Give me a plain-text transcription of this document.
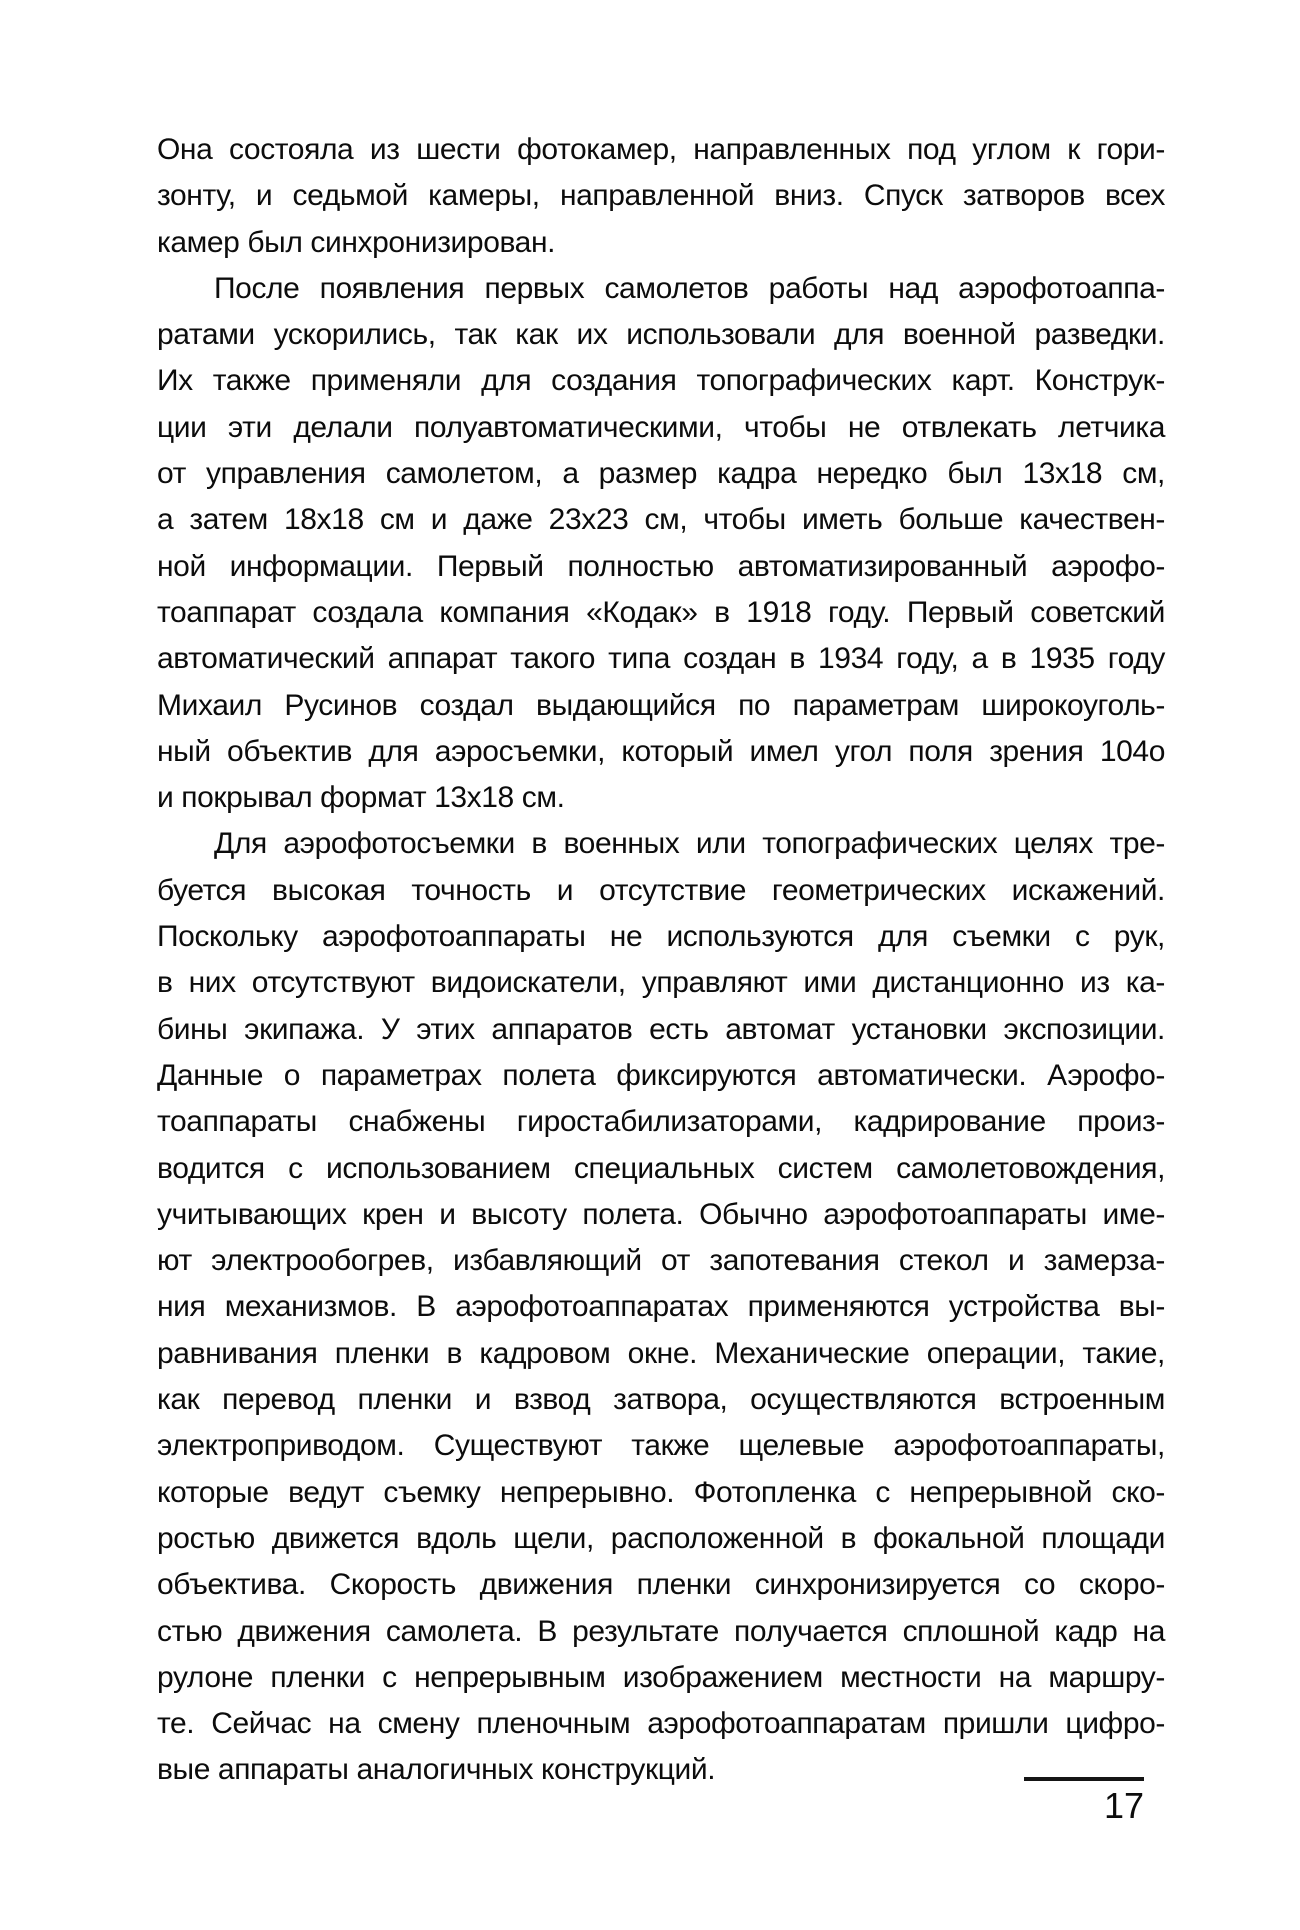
Она состояла из шести фотокамер, направленных под углом к гори-
зонту, и седьмой камеры, направленной вниз. Спуск затворов всех
камер был синхронизирован.
После появления первых самолетов работы над аэрофотоаппа-
ратами ускорились, так как их использовали для военной разведки.
Их также применяли для создания топографических карт. Конструк-
ции эти делали полуавтоматическими, чтобы не отвлекать летчика
от управления самолетом, а размер кадра нередко был 13х18 см,
а затем 18х18 см и даже 23х23 см, чтобы иметь больше качествен-
ной информации. Первый полностью автоматизированный аэрофо-
тоаппарат создала компания «Кодак» в 1918 году. Первый советский
автоматический аппарат такого типа создан в 1934 году, а в 1935 году
Михаил Русинов создал выдающийся по параметрам широкоуголь-
ный объектив для аэросъемки, который имел угол поля зрения 104о
и покрывал формат 13х18 см.
Для аэрофотосъемки в военных или топографических целях тре-
буется высокая точность и отсутствие геометрических искажений.
Поскольку аэрофотоаппараты не используются для съемки с рук,
в них отсутствуют видоискатели, управляют ими дистанционно из ка-
бины экипажа. У этих аппаратов есть автомат установки экспозиции.
Данные о параметрах полета фиксируются автоматически. Аэрофо-
тоаппараты снабжены гиростабилизаторами, кадрирование произ-
водится с использованием специальных систем самолетовождения,
учитывающих крен и высоту полета. Обычно аэрофотоаппараты име-
ют электрообогрев, избавляющий от запотевания стекол и замерза-
ния механизмов. В аэрофотоаппаратах применяются устройства вы-
равнивания пленки в кадровом окне. Механические операции, такие,
как перевод пленки и взвод затвора, осуществляются встроенным
электроприводом. Существуют также щелевые аэрофотоаппараты,
которые ведут съемку непрерывно. Фотопленка с непрерывной ско-
ростью движется вдоль щели, расположенной в фокальной площади
объектива. Скорость движения пленки синхронизируется со скоро-
стью движения самолета. В результате получается сплошной кадр на
рулоне пленки с непрерывным изображением местности на маршру-
те. Сейчас на смену пленочным аэрофотоаппаратам пришли цифро-
вые аппараты аналогичных конструкций.
17
